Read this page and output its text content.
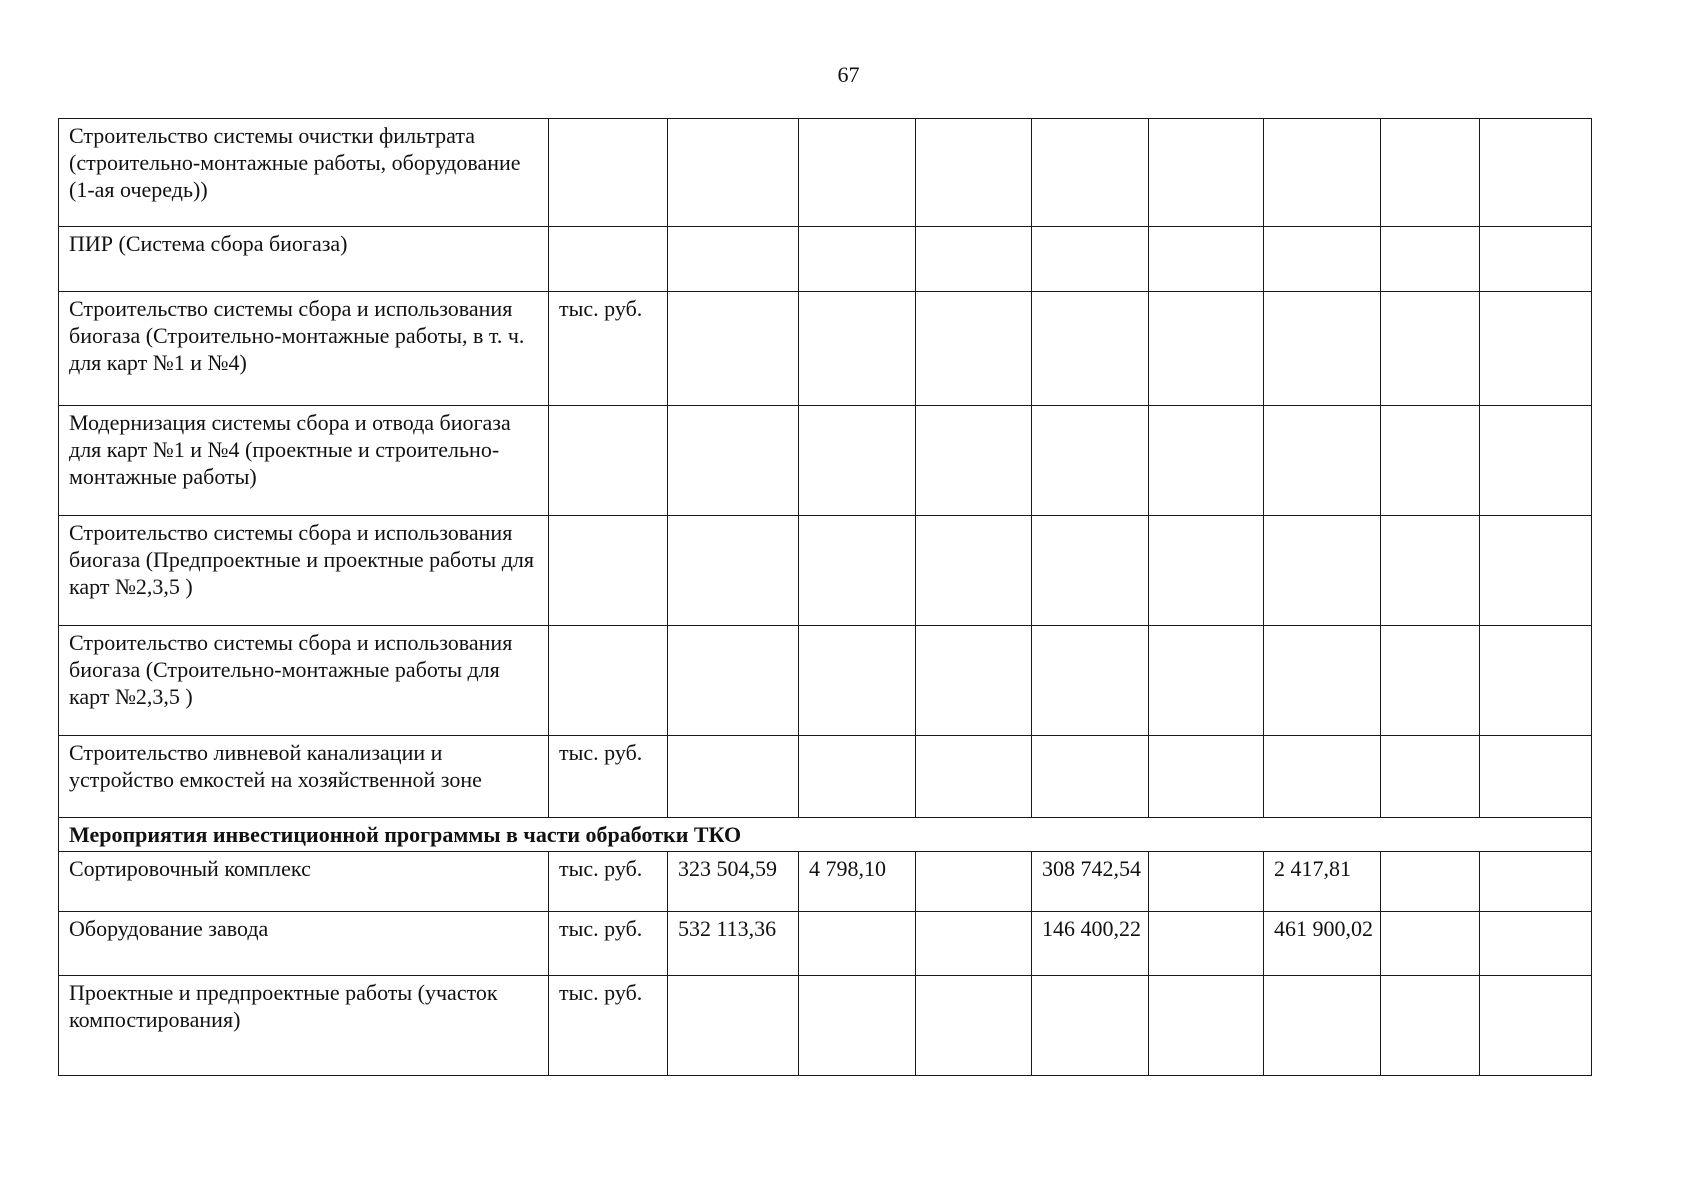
67
Строительство системы очистки фильтрата (строительно-монтажные работы, оборудование (1-ая очередь))									
ПИР (Система сбора биогаза)									
Строительство системы сбора и использования биогаза (Строительно-монтажные работы, в т. ч. для карт №1 и №4)	тыс. руб.								
Модернизация системы сбора и отвода биогаза для карт №1 и №4 (проектные и строительно-монтажные работы)									
Строительство системы сбора и использования биогаза (Предпроектные и проектные работы для карт №2,3,5 )									
Строительство системы сбора и использования биогаза (Строительно-монтажные работы для карт №2,3,5 )									
Строительство ливневой канализации и устройство емкостей на хозяйственной зоне	тыс. руб.								
Мероприятия инвестиционной программы в части обработки ТКО									
Сортировочный комплекс	тыс. руб.	323 504,59	4 798,10		308 742,54		2 417,81		
Оборудование завода	тыс. руб.	532 113,36			146 400,22		461 900,02		
Проектные и предпроектные работы (участок компостирования)	тыс. руб.								
